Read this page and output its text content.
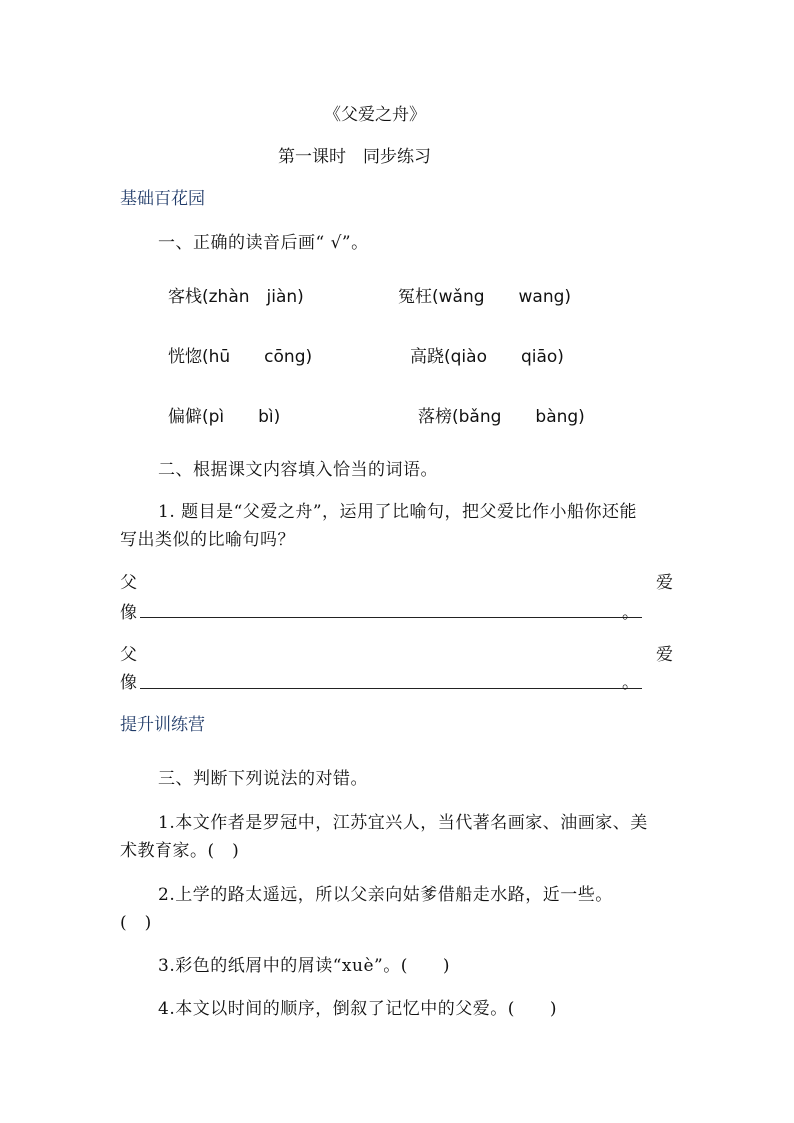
《父爱之舟》
第一课时　同步练习
基础百花园
一、正确的读音后画“ √”。
客栈(zhàn　jiàn)	冤枉(wǎng　　wang)
恍惚(hū　　cōng)	高跷(qiào　　qiāo)
偏僻(pì　　bì)	落榜(bǎng　　bàng)
二、根据课文内容填入恰当的词语。
1. 题目是“父爱之舟”，运用了比喻句，把父爱比作小船你还能
写出类似的比喻句吗？
父	爱
像	。
父	爱
像	。
提升训练营
三、判断下列说法的对错。
1.本文作者是罗冠中，江苏宜兴人，当代著名画家、油画家、美
术教育家。(　)
2.上学的路太遥远，所以父亲向姑爹借船走水路，近一些。
(　)
3.彩色的纸屑中的屑读“xuè”。(　　)
4.本文以时间的顺序，倒叙了记忆中的父爱。(　　)
